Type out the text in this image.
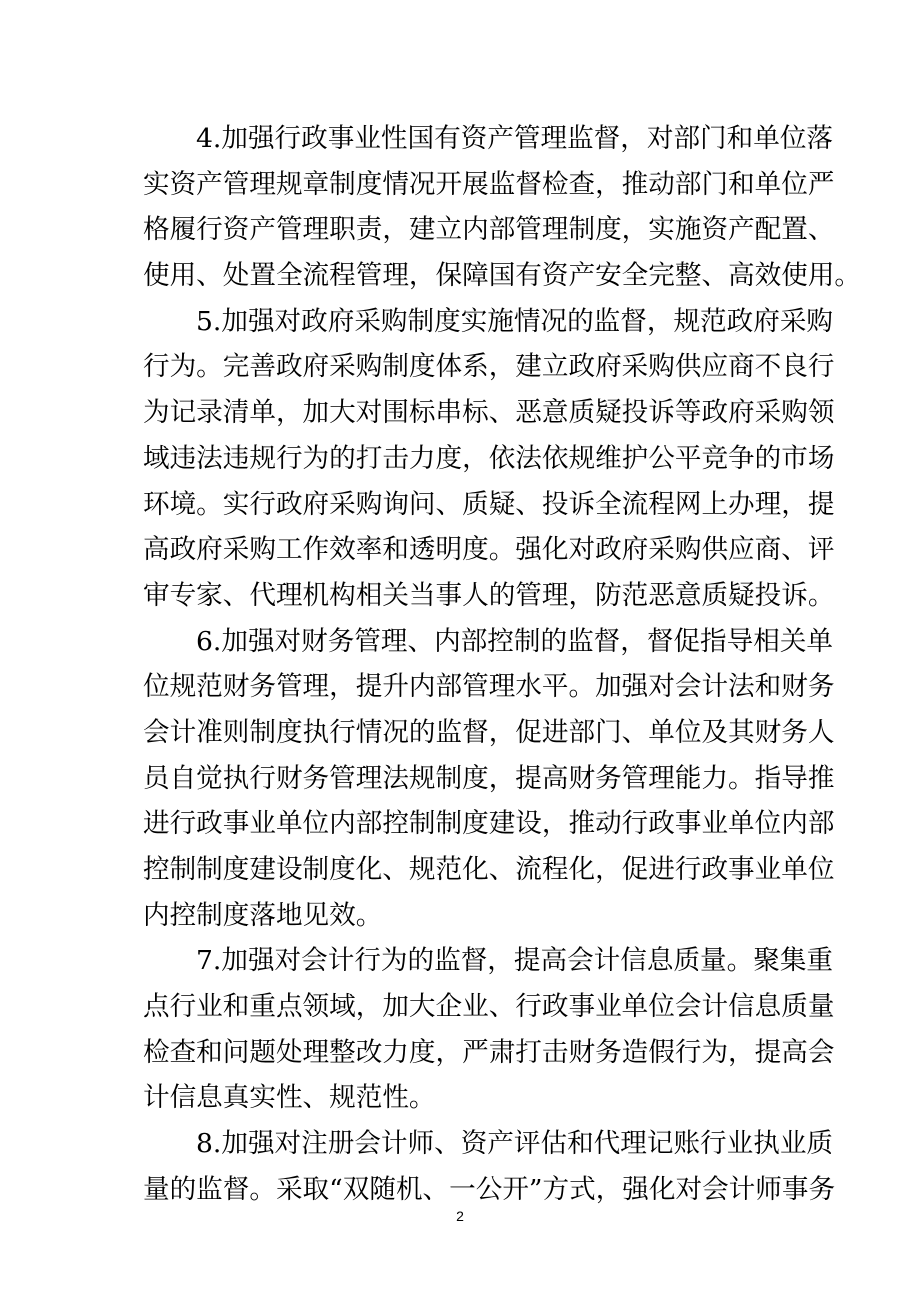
4.加强行政事业性国有资产管理监督，对部门和单位落
实资产管理规章制度情况开展监督检查，推动部门和单位严
格履行资产管理职责，建立内部管理制度，实施资产配置、
使用、处置全流程管理，保障国有资产安全完整、高效使用。
5.加强对政府采购制度实施情况的监督，规范政府采购
行为。完善政府采购制度体系，建立政府采购供应商不良行
为记录清单，加大对围标串标、恶意质疑投诉等政府采购领
域违法违规行为的打击力度，依法依规维护公平竞争的市场
环境。实行政府采购询问、质疑、投诉全流程网上办理，提
高政府采购工作效率和透明度。强化对政府采购供应商、评
审专家、代理机构相关当事人的管理，防范恶意质疑投诉。
6.加强对财务管理、内部控制的监督，督促指导相关单
位规范财务管理，提升内部管理水平。加强对会计法和财务
会计准则制度执行情况的监督，促进部门、单位及其财务人
员自觉执行财务管理法规制度，提高财务管理能力。指导推
进行政事业单位内部控制制度建设，推动行政事业单位内部
控制制度建设制度化、规范化、流程化，促进行政事业单位
内控制度落地见效。
7.加强对会计行为的监督，提高会计信息质量。聚集重
点行业和重点领域，加大企业、行政事业单位会计信息质量
检查和问题处理整改力度，严肃打击财务造假行为，提高会
计信息真实性、规范性。
8.加强对注册会计师、资产评估和代理记账行业执业质
量的监督。采取“双随机、一公开”方式，强化对会计师事务
2
